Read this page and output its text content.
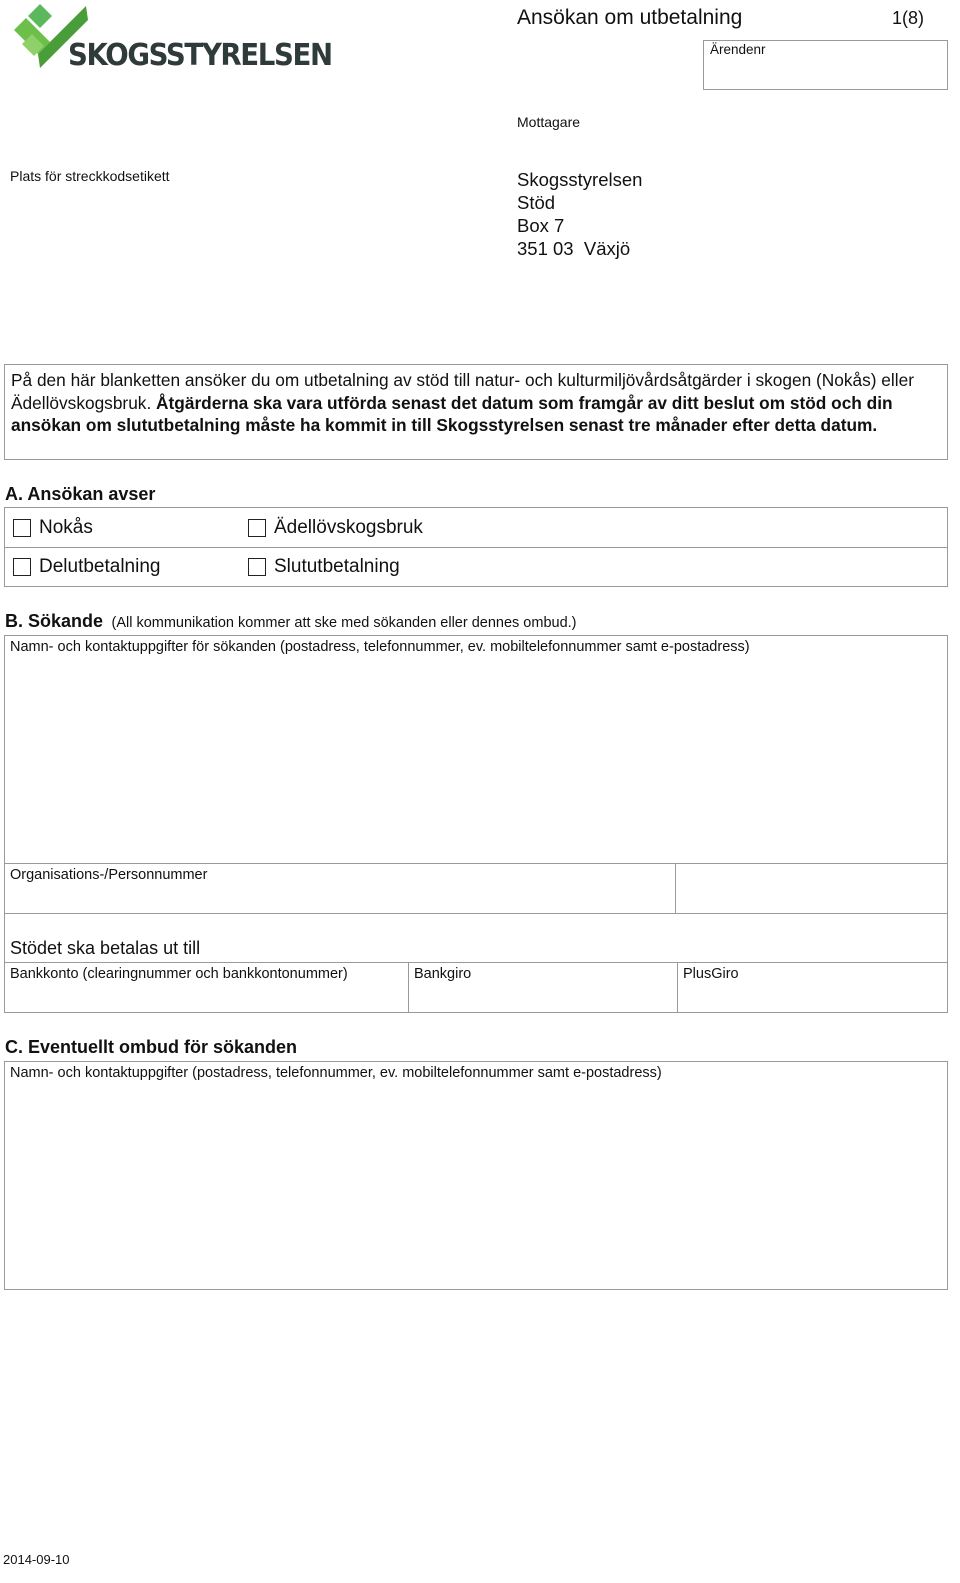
SKOGSSTYRELSEN
Ansökan om utbetalning	1(8)
Ärendenr
Mottagare
Plats för streckkodsetikett	Skogsstyrelsen
Stöd
Box 7
351 03  Växjö
På den här blanketten ansöker du om utbetalning av stöd till natur- och kulturmiljövårdsåtgärder i skogen (Nokås) eller Ädellövskogsbruk. Åtgärderna ska vara utförda senast det datum som framgår av ditt beslut om stöd och din ansökan om slututbetalning måste ha kommit in till Skogsstyrelsen senast tre månader efter detta datum.
A. Ansökan avser
Nokås	Ädellövskogsbruk
Delutbetalning	Slututbetalning
B. Sökande (All kommunikation kommer att ske med sökanden eller dennes ombud.)
Namn- och kontaktuppgifter för sökanden (postadress, telefonnummer, ev. mobiltelefonnummer samt e-postadress)
Organisations-/Personnummer
Stödet ska betalas ut till
Bankkonto (clearingnummer och bankkontonummer)	Bankgiro	PlusGiro
C. Eventuellt ombud för sökanden
Namn- och kontaktuppgifter (postadress, telefonnummer, ev. mobiltelefonnummer samt e-postadress)
2014-09-10
